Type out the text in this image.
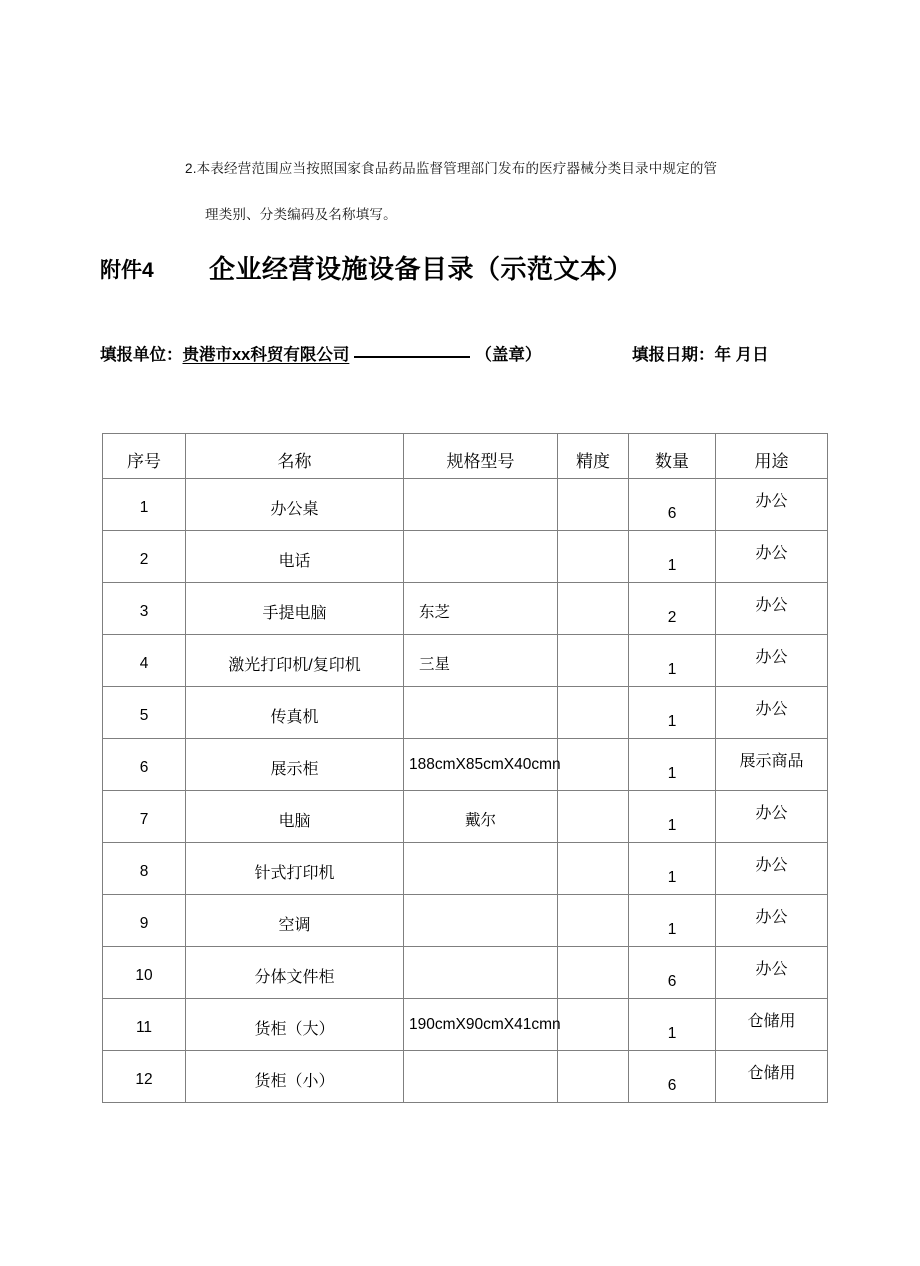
2.本表经营范围应当按照国家食品药品监督管理部门发布的医疗器械分类目录中规定的管
理类别、分类编码及名称填写。
附件4 企业经营设施设备目录（示范文本）
填报单位：贵港市xx科贸有限公司	（盖章）	填报日期：年 月日
序号	名称	规格型号	精度	数量	用途
1	办公桌			6	办公
2	电话			1	办公
3	手提电脑	东芝		2	办公
4	激光打印机/复印机	三星		1	办公
5	传真机			1	办公
6	展示柜	188cmX85cmX40cmn		1	展示商品
7	电脑	戴尔		1	办公
8	针式打印机			1	办公
9	空调			1	办公
10	分体文件柜			6	办公
11	货柜（大）	190cmX90cmX41cmn		1	仓储用
12	货柜（小）			6	仓储用
